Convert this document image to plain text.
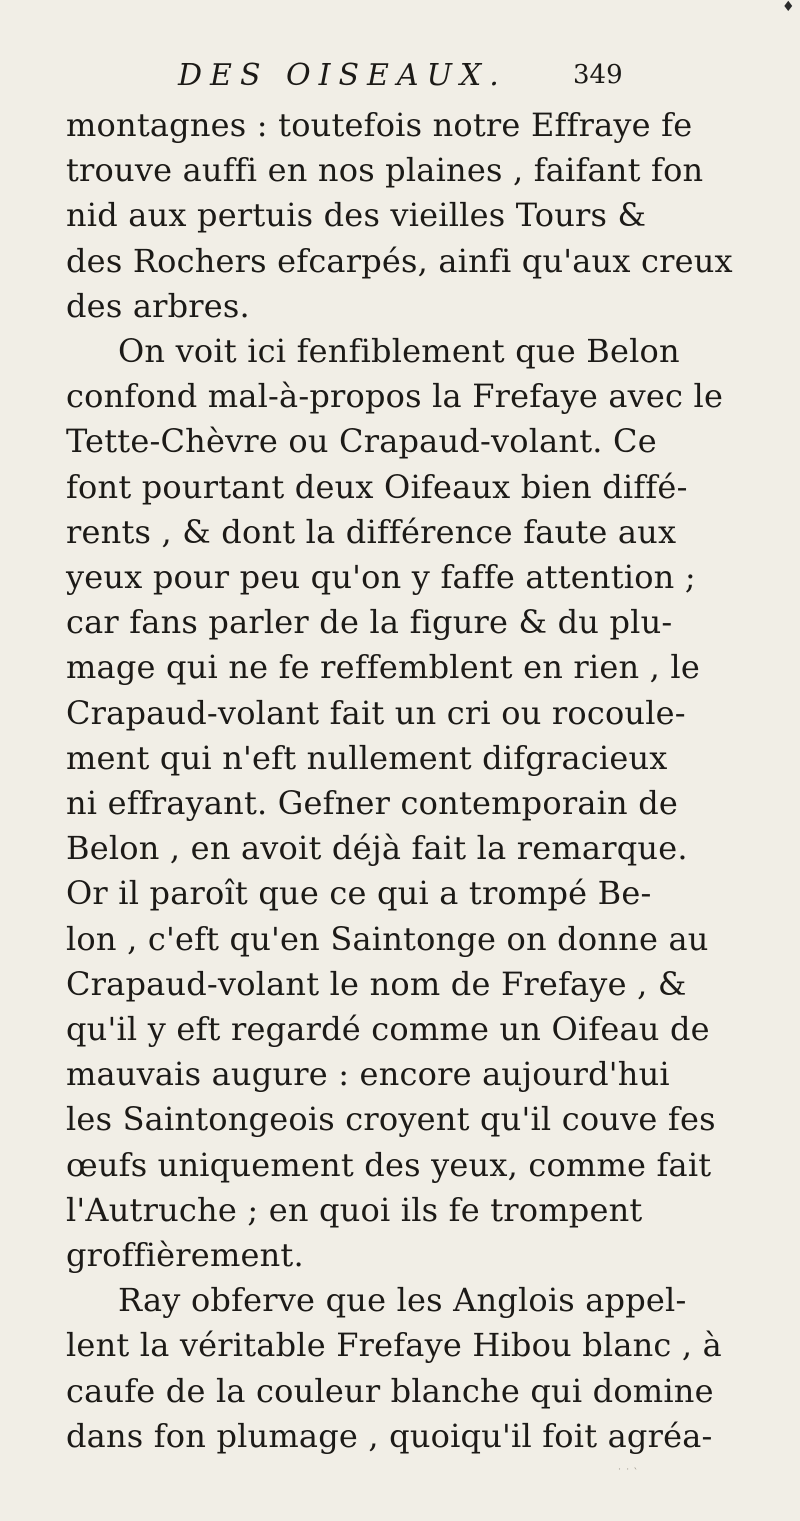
♦
DES OISEAUX.	349
montagnes : toutefois notre Effraye fe
trouve auffi en nos plaines , faifant fon
nid aux pertuis des vieilles Tours &
des Rochers efcarpés, ainfi qu'aux creux
des arbres.
On voit ici fenfiblement que Belon
confond mal-à-propos la Frefaye avec le
Tette-Chèvre ou Crapaud-volant. Ce
font pourtant deux Oifeaux bien diffé-
rents , & dont la différence faute aux
yeux pour peu qu'on y faffe attention ;
car fans parler de la figure & du plu-
mage qui ne fe reffemblent en rien , le
Crapaud-volant fait un cri ou rocoule-
ment qui n'eft nullement difgracieux
ni effrayant. Gefner contemporain de
Belon , en avoit déjà fait la remarque.
Or il paroît que ce qui a trompé Be-
lon , c'eft qu'en Saintonge on donne au
Crapaud-volant le nom de Frefaye , &
qu'il y eft regardé comme un Oifeau de
mauvais augure : encore aujourd'hui
les Saintongeois croyent qu'il couve fes
œufs uniquement des yeux, comme fait
l'Autruche ; en quoi ils fe trompent
groffièrement.
Ray obferve que les Anglois appel-
lent la véritable Frefaye Hibou blanc , à
caufe de la couleur blanche qui domine
dans fon plumage , quoiqu'il foit agréa-
˙ ˙ ˋ
